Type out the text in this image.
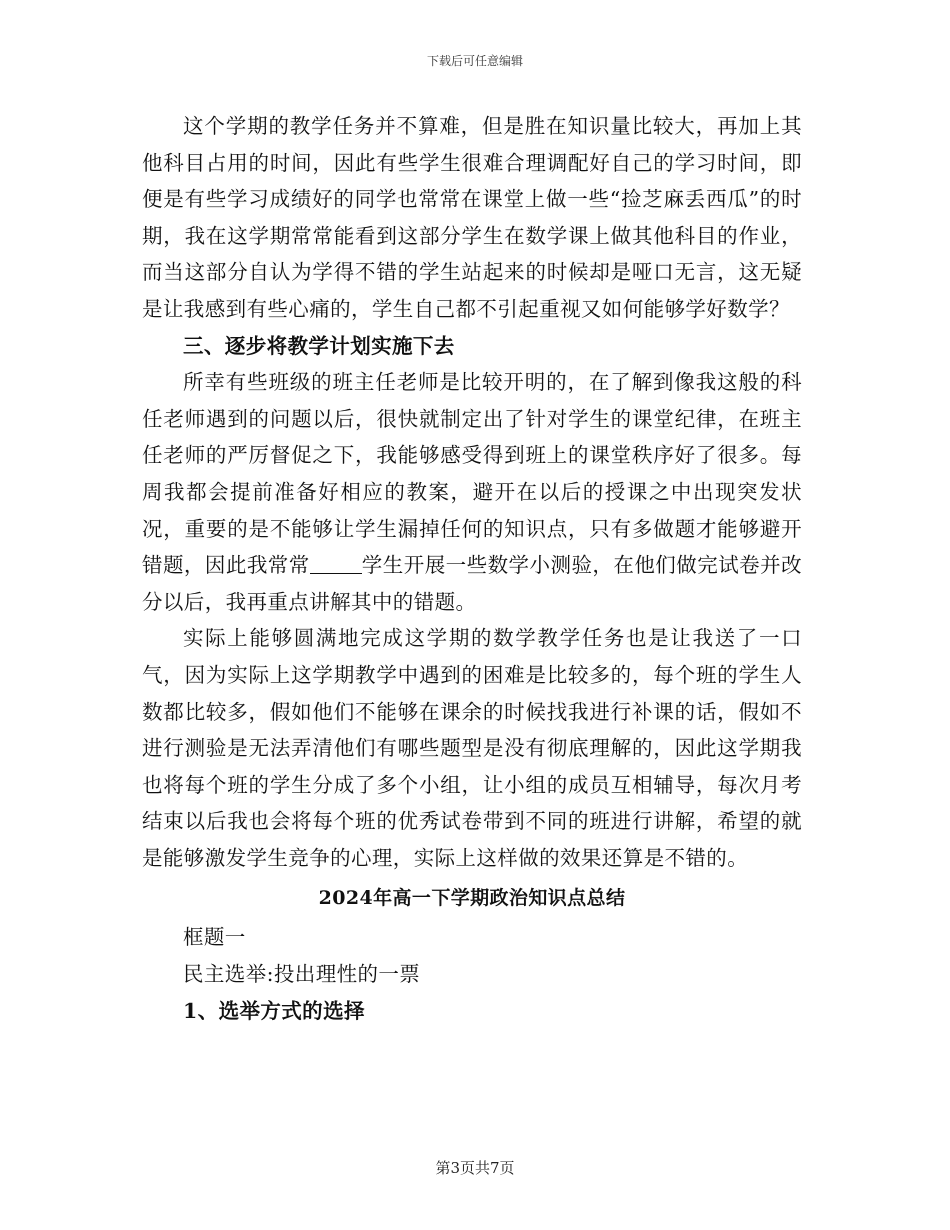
下载后可任意编辑

这个学期的教学任务并不算难，但是胜在知识量比较大，再加上其他科目占用的时间，因此有些学生很难合理调配好自己的学习时间，即便是有些学习成绩好的同学也常常在课堂上做一些“捡芝麻丢西瓜”的时期，我在这学期常常能看到这部分学生在数学课上做其他科目的作业，而当这部分自认为学得不错的学生站起来的时候却是哑口无言，这无疑是让我感到有些心痛的，学生自己都不引起重视又如何能够学好数学？

三、逐步将教学计划实施下去

所幸有些班级的班主任老师是比较开明的，在了解到像我这般的科任老师遇到的问题以后，很快就制定出了针对学生的课堂纪律，在班主任老师的严厉督促之下，我能够感受得到班上的课堂秩序好了很多。每周我都会提前准备好相应的教案，避开在以后的授课之中出现突发状况，重要的是不能够让学生漏掉任何的知识点，只有多做题才能够避开错题，因此我常常	学生开展一些数学小测验，在他们做完试卷并改分以后，我再重点讲解其中的错题。

实际上能够圆满地完成这学期的数学教学任务也是让我送了一口气，因为实际上这学期教学中遇到的困难是比较多的，每个班的学生人数都比较多，假如他们不能够在课余的时候找我进行补课的话，假如不进行测验是无法弄清他们有哪些题型是没有彻底理解的，因此这学期我也将每个班的学生分成了多个小组，让小组的成员互相辅导，每次月考结束以后我也会将每个班的优秀试卷带到不同的班进行讲解，希望的就是能够激发学生竞争的心理，实际上这样做的效果还算是不错的。

2024年高一下学期政治知识点总结

框题一

民主选举:投出理性的一票

1、选举方式的选择
第3页共7页
